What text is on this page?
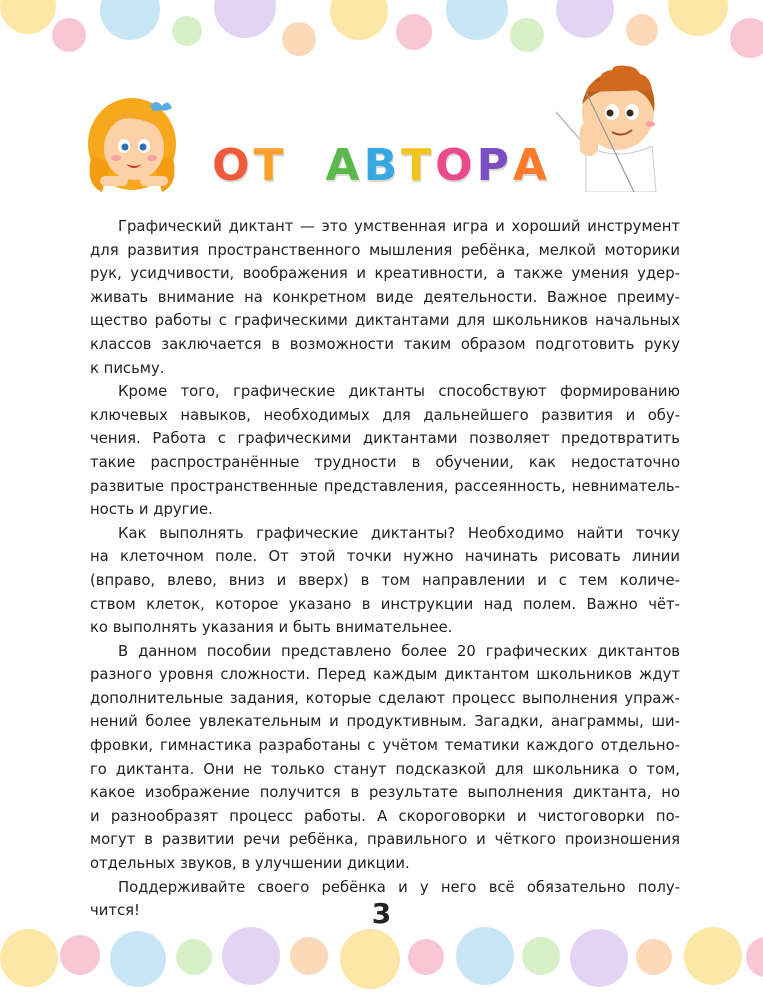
ОТ АВТОРА
Графический диктант — это умственная игра и хороший инструмент
для развития пространственного мышления ребёнка, мелкой моторики
рук, усидчивости, воображения и креативности, а также умения удер-
живать внимание на конкретном виде деятельности. Важное преиму-
щество работы с графическими диктантами для школьников начальных
классов заключается в возможности таким образом подготовить руку
к письму.
Кроме того, графические диктанты способствуют формированию
ключевых навыков, необходимых для дальнейшего развития и обу-
чения. Работа с графическими диктантами позволяет предотвратить
такие распространённые трудности в обучении, как недостаточно
развитые пространственные представления, рассеянность, невниматель-
ность и другие.
Как выполнять графические диктанты? Необходимо найти точку
на клеточном поле. От этой точки нужно начинать рисовать линии
(вправо, влево, вниз и вверх) в том направлении и с тем количе-
ством клеток, которое указано в инструкции над полем. Важно чёт-
ко выполнять указания и быть внимательнее.
В данном пособии представлено более 20 графических диктантов
разного уровня сложности. Перед каждым диктантом школьников ждут
дополнительные задания, которые сделают процесс выполнения упраж-
нений более увлекательным и продуктивным. Загадки, анаграммы, ши-
фровки, гимнастика разработаны с учётом тематики каждого отдельно-
го диктанта. Они не только станут подсказкой для школьника о том,
какое изображение получится в результате выполнения диктанта, но
и разнообразят процесс работы. А скороговорки и чистоговорки по-
могут в развитии речи ребёнка, правильного и чёткого произношения
отдельных звуков, в улучшении дикции.
Поддерживайте своего ребёнка и у него всё обязательно полу-
чится!	3
